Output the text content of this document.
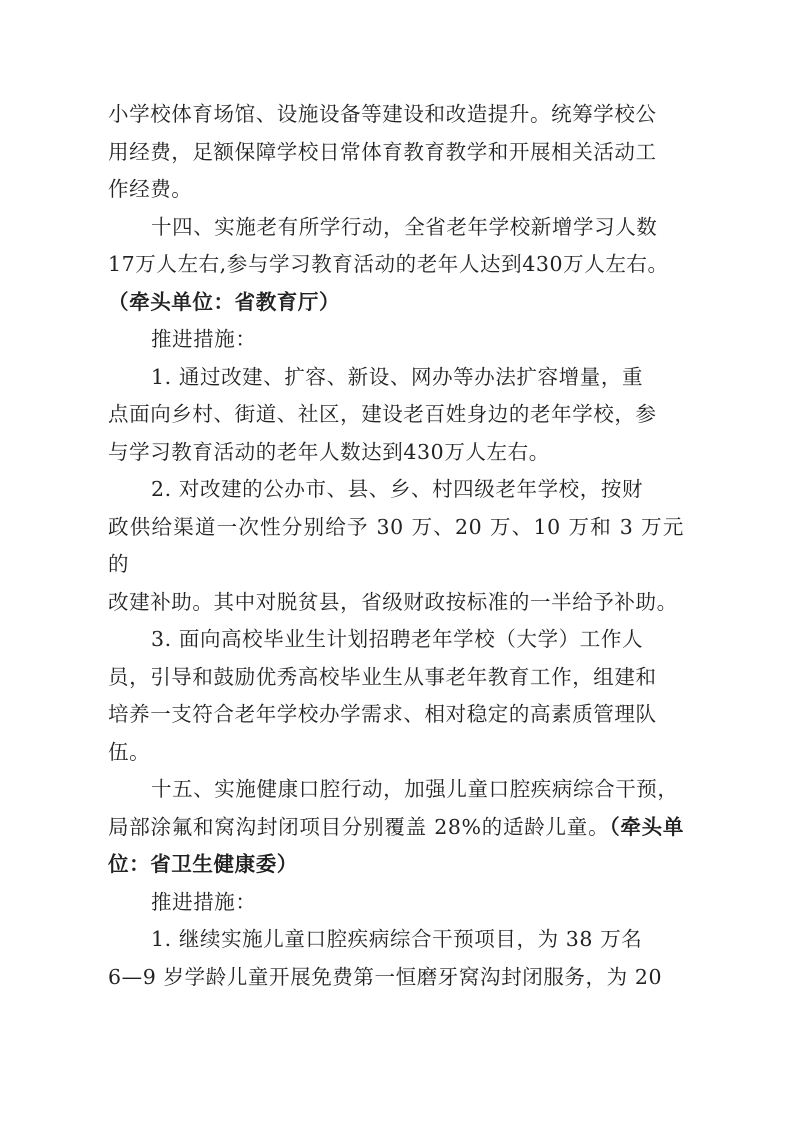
小学校体育场馆、设施设备等建设和改造提升。统筹学校公
用经费，足额保障学校日常体育教育教学和开展相关活动工
作经费。

十四、实施老有所学行动，全省老年学校新增学习人数
17万人左右,参与学习教育活动的老年人达到430万人左右。
（牵头单位：省教育厅）

推进措施：

1. 通过改建、扩容、新设、网办等办法扩容增量，重
点面向乡村、街道、社区，建设老百姓身边的老年学校，参
与学习教育活动的老年人数达到430万人左右。

2. 对改建的公办市、县、乡、村四级老年学校，按财
政供给渠道一次性分别给予 30 万、20 万、10 万和 3 万元的
改建补助。其中对脱贫县，省级财政按标准的一半给予补助。

3. 面向高校毕业生计划招聘老年学校（大学）工作人
员，引导和鼓励优秀高校毕业生从事老年教育工作，组建和
培养一支符合老年学校办学需求、相对稳定的高素质管理队
伍。

十五、实施健康口腔行动，加强儿童口腔疾病综合干预，
局部涂氟和窝沟封闭项目分别覆盖 28%的适龄儿童。（牵头单位：省卫生健康委）

推进措施：

1. 继续实施儿童口腔疾病综合干预项目，为 38 万名
6—9 岁学龄儿童开展免费第一恒磨牙窝沟封闭服务，为 20
